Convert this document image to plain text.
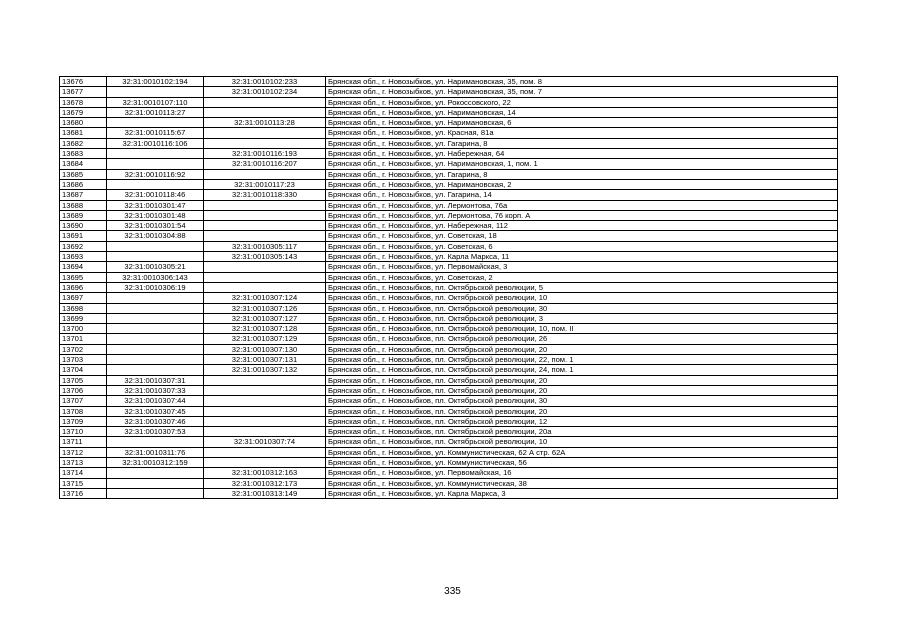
13676	32:31:0010102:194	32:31:0010102:233	Брянская обл., г. Новозыбков, ул. Наримановская, 35, пом. 8
13677		32:31:0010102:234	Брянская обл., г. Новозыбков, ул. Наримановская, 35, пом. 7
13678	32:31:0010107:110		Брянская обл., г. Новозыбков, ул. Рокоссовского, 22
13679	32:31:0010113:27		Брянская обл., г. Новозыбков, ул. Наримановская, 14
13680		32:31:0010113:28	Брянская обл., г. Новозыбков, ул. Наримановская, 6
13681	32:31:0010115:67		Брянская обл., г. Новозыбков, ул. Красная, 81а
13682	32:31:0010116:106		Брянская обл., г. Новозыбков, ул. Гагарина, 8
13683		32:31:0010116:193	Брянская обл., г. Новозыбков, ул. Набережная, 64
13684		32:31:0010116:207	Брянская обл., г. Новозыбков, ул. Наримановская, 1, пом. 1
13685	32:31:0010116:92		Брянская обл., г. Новозыбков, ул. Гагарина, 8
13686		32:31:0010117:23	Брянская обл., г. Новозыбков, ул. Наримановская, 2
13687	32:31:0010118:46	32:31:0010118:330	Брянская обл., г. Новозыбков, ул. Гагарина, 14
13688	32:31:0010301:47		Брянская обл., г. Новозыбков, ул. Лермонтова, 76а
13689	32:31:0010301:48		Брянская обл., г. Новозыбков, ул. Лермонтова, 76 корп. А
13690	32:31:0010301:54		Брянская обл., г. Новозыбков, ул. Набережная, 112
13691	32:31:0010304:88		Брянская обл., г. Новозыбков, ул. Советская, 18
13692		32:31:0010305:117	Брянская обл., г. Новозыбков, ул. Советская, 6
13693		32:31:0010305:143	Брянская обл., г. Новозыбков, ул. Карла Маркса, 11
13694	32:31:0010305:21		Брянская обл., г. Новозыбков, ул. Первомайская, 3
13695	32:31:0010306:143		Брянская обл., г. Новозыбков, ул. Советская, 2
13696	32:31:0010306:19		Брянская обл., г. Новозыбков, пл. Октябрьской революции, 5
13697		32:31:0010307:124	Брянская обл., г. Новозыбков, пл. Октябрьской революции, 10
13698		32:31:0010307:126	Брянская обл., г. Новозыбков, пл. Октябрьской революции, 30
13699		32:31:0010307:127	Брянская обл., г. Новозыбков, пл. Октябрьской революции, 3
13700		32:31:0010307:128	Брянская обл., г. Новозыбков, пл. Октябрьской революции, 10, пом. II
13701		32:31:0010307:129	Брянская обл., г. Новозыбков, пл. Октябрьской революции, 26
13702		32:31:0010307:130	Брянская обл., г. Новозыбков, пл. Октябрьской революции, 20
13703		32:31:0010307:131	Брянская обл., г. Новозыбков, пл. Октябрьской революции, 22, пом. 1
13704		32:31:0010307:132	Брянская обл., г. Новозыбков, пл. Октябрьской революции, 24, пом. 1
13705	32:31:0010307:31		Брянская обл., г. Новозыбков, пл. Октябрьской революции, 20
13706	32:31:0010307:33		Брянская обл., г. Новозыбков, пл. Октябрьской революции, 20
13707	32:31:0010307:44		Брянская обл., г. Новозыбков, пл. Октябрьской революции, 30
13708	32:31:0010307:45		Брянская обл., г. Новозыбков, пл. Октябрьской революции, 20
13709	32:31:0010307:46		Брянская обл., г. Новозыбков, пл. Октябрьской революции, 12
13710	32:31:0010307:53		Брянская обл., г. Новозыбков, пл. Октябрьской революции, 20а
13711		32:31:0010307:74	Брянская обл., г. Новозыбков, пл. Октябрьской революции, 10
13712	32:31:0010311:76		Брянская обл., г. Новозыбков, ул. Коммунистическая, 62 А стр. 62А
13713	32:31:0010312:159		Брянская обл., г. Новозыбков, ул. Коммунистическая, 56
13714		32:31:0010312:163	Брянская обл., г. Новозыбков, ул. Первомайская, 16
13715		32:31:0010312:173	Брянская обл., г. Новозыбков, ул. Коммунистическая, 38
13716		32:31:0010313:149	Брянская обл., г. Новозыбков, ул. Карла Маркса, 3
335
